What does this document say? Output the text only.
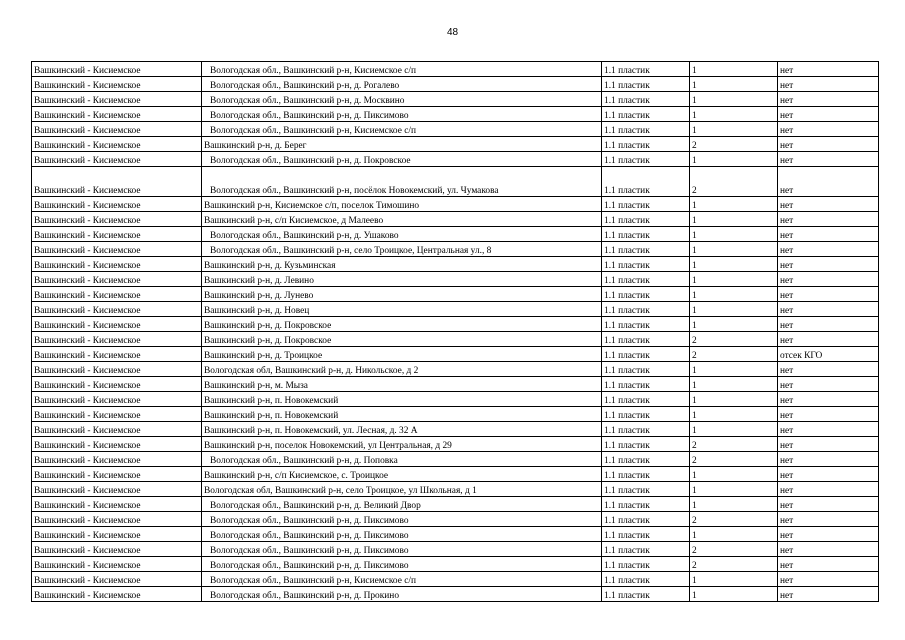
48
Вашкинский - Кисиемское	Вологодская обл., Вашкинский р-н, Кисиемское с/п	1.1 пластик	1	нет
Вашкинский - Кисиемское	Вологодская обл., Вашкинский р-н, д. Рогалево	1.1 пластик	1	нет
Вашкинский - Кисиемское	Вологодская обл., Вашкинский р-н, д. Москвино	1.1 пластик	1	нет
Вашкинский - Кисиемское	Вологодская обл., Вашкинский р-н, д. Пиксимово	1.1 пластик	1	нет
Вашкинский - Кисиемское	Вологодская обл., Вашкинский р-н, Кисиемское с/п	1.1 пластик	1	нет
Вашкинский - Кисиемское	Вашкинский р-н, д. Берег	1.1 пластик	2	нет
Вашкинский - Кисиемское	Вологодская обл., Вашкинский р-н, д. Покровское	1.1 пластик	1	нет
Вашкинский - Кисиемское	Вологодская обл., Вашкинский р-н, посёлок Новокемский, ул. Чумакова	1.1 пластик	2	нет
Вашкинский - Кисиемское	Вашкинский р-н, Кисиемское с/п, поселок Тимошино	1.1 пластик	1	нет
Вашкинский - Кисиемское	Вашкинский р-н, с/п Кисиемское, д Малеево	1.1 пластик	1	нет
Вашкинский - Кисиемское	Вологодская обл., Вашкинский р-н, д. Ушаково	1.1 пластик	1	нет
Вашкинский - Кисиемское	Вологодская обл., Вашкинский р-н, село Троицкое, Центральная ул., 8	1.1 пластик	1	нет
Вашкинский - Кисиемское	Вашкинский р-н, д. Кузьминская	1.1 пластик	1	нет
Вашкинский - Кисиемское	Вашкинский р-н, д. Левино	1.1 пластик	1	нет
Вашкинский - Кисиемское	Вашкинский р-н, д. Лунево	1.1 пластик	1	нет
Вашкинский - Кисиемское	Вашкинский р-н, д. Новец	1.1 пластик	1	нет
Вашкинский - Кисиемское	Вашкинский р-н, д. Покровское	1.1 пластик	1	нет
Вашкинский - Кисиемское	Вашкинский р-н, д. Покровское	1.1 пластик	2	нет
Вашкинский - Кисиемское	Вашкинский р-н, д. Троицкое	1.1 пластик	2	отсек КГО
Вашкинский - Кисиемское	Вологодская обл, Вашкинский р-н, д. Никольское, д 2	1.1 пластик	1	нет
Вашкинский - Кисиемское	Вашкинский р-н, м. Мыза	1.1 пластик	1	нет
Вашкинский - Кисиемское	Вашкинский р-н, п. Новокемский	1.1 пластик	1	нет
Вашкинский - Кисиемское	Вашкинский р-н, п. Новокемский	1.1 пластик	1	нет
Вашкинский - Кисиемское	Вашкинский р-н, п. Новокемский, ул. Лесная, д. 32 А	1.1 пластик	1	нет
Вашкинский - Кисиемское	Вашкинский р-н, поселок Новокемский, ул Центральная, д 29	1.1 пластик	2	нет
Вашкинский - Кисиемское	Вологодская обл., Вашкинский р-н, д. Поповка	1.1 пластик	2	нет
Вашкинский - Кисиемское	Вашкинский р-н, с/п Кисиемское, с. Троицкое	1.1 пластик	1	нет
Вашкинский - Кисиемское	Вологодская обл, Вашкинский р-н, село Троицкое, ул Школьная, д 1	1.1 пластик	1	нет
Вашкинский - Кисиемское	Вологодская обл., Вашкинский р-н, д. Великий Двор	1.1 пластик	1	нет
Вашкинский - Кисиемское	Вологодская обл., Вашкинский р-н, д. Пиксимово	1.1 пластик	2	нет
Вашкинский - Кисиемское	Вологодская обл., Вашкинский р-н, д. Пиксимово	1.1 пластик	1	нет
Вашкинский - Кисиемское	Вологодская обл., Вашкинский р-н, д. Пиксимово	1.1 пластик	2	нет
Вашкинский - Кисиемское	Вологодская обл., Вашкинский р-н, д. Пиксимово	1.1 пластик	2	нет
Вашкинский - Кисиемское	Вологодская обл., Вашкинский р-н, Кисиемское с/п	1.1 пластик	1	нет
Вашкинский - Кисиемское	Вологодская обл., Вашкинский р-н, д. Прокино	1.1 пластик	1	нет
